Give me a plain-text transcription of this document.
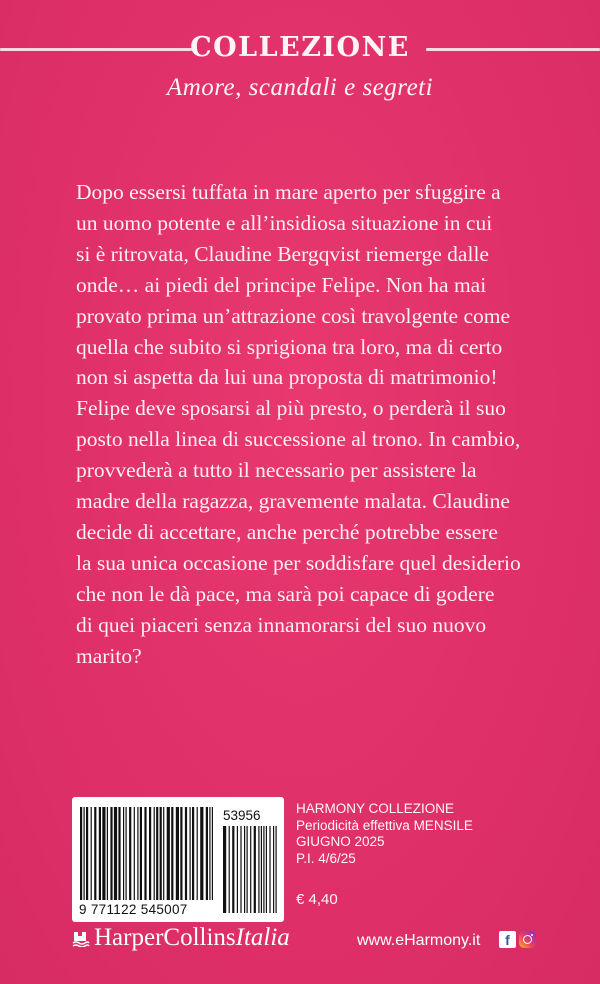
COLLEZIONE
Amore, scandali e segreti

Dopo essersi tuffata in mare aperto per sfuggire a
un uomo potente e all’insidiosa situazione in cui
si è ritrovata, Claudine Bergqvist riemerge dalle
onde… ai piedi del principe Felipe. Non ha mai
provato prima un’attrazione così travolgente come
quella che subito si sprigiona tra loro, ma di certo
non si aspetta da lui una proposta di matrimonio!
Felipe deve sposarsi al più presto, o perderà il suo
posto nella linea di successione al trono. In cambio,
provvederà a tutto il necessario per assistere la
madre della ragazza, gravemente malata. Claudine
decide di accettare, anche perché potrebbe essere
la sua unica occasione per soddisfare quel desiderio
che non le dà pace, ma sarà poi capace di godere
di quei piaceri senza innamorarsi del suo nuovo
marito?

9 771122 545007
53956	HARMONY COLLEZIONE
Periodicità effettiva MENSILE
GIUGNO 2025
P.I. 4/6/25
€ 4,40
HarperCollins Italia	www.eHarmony.it	f
